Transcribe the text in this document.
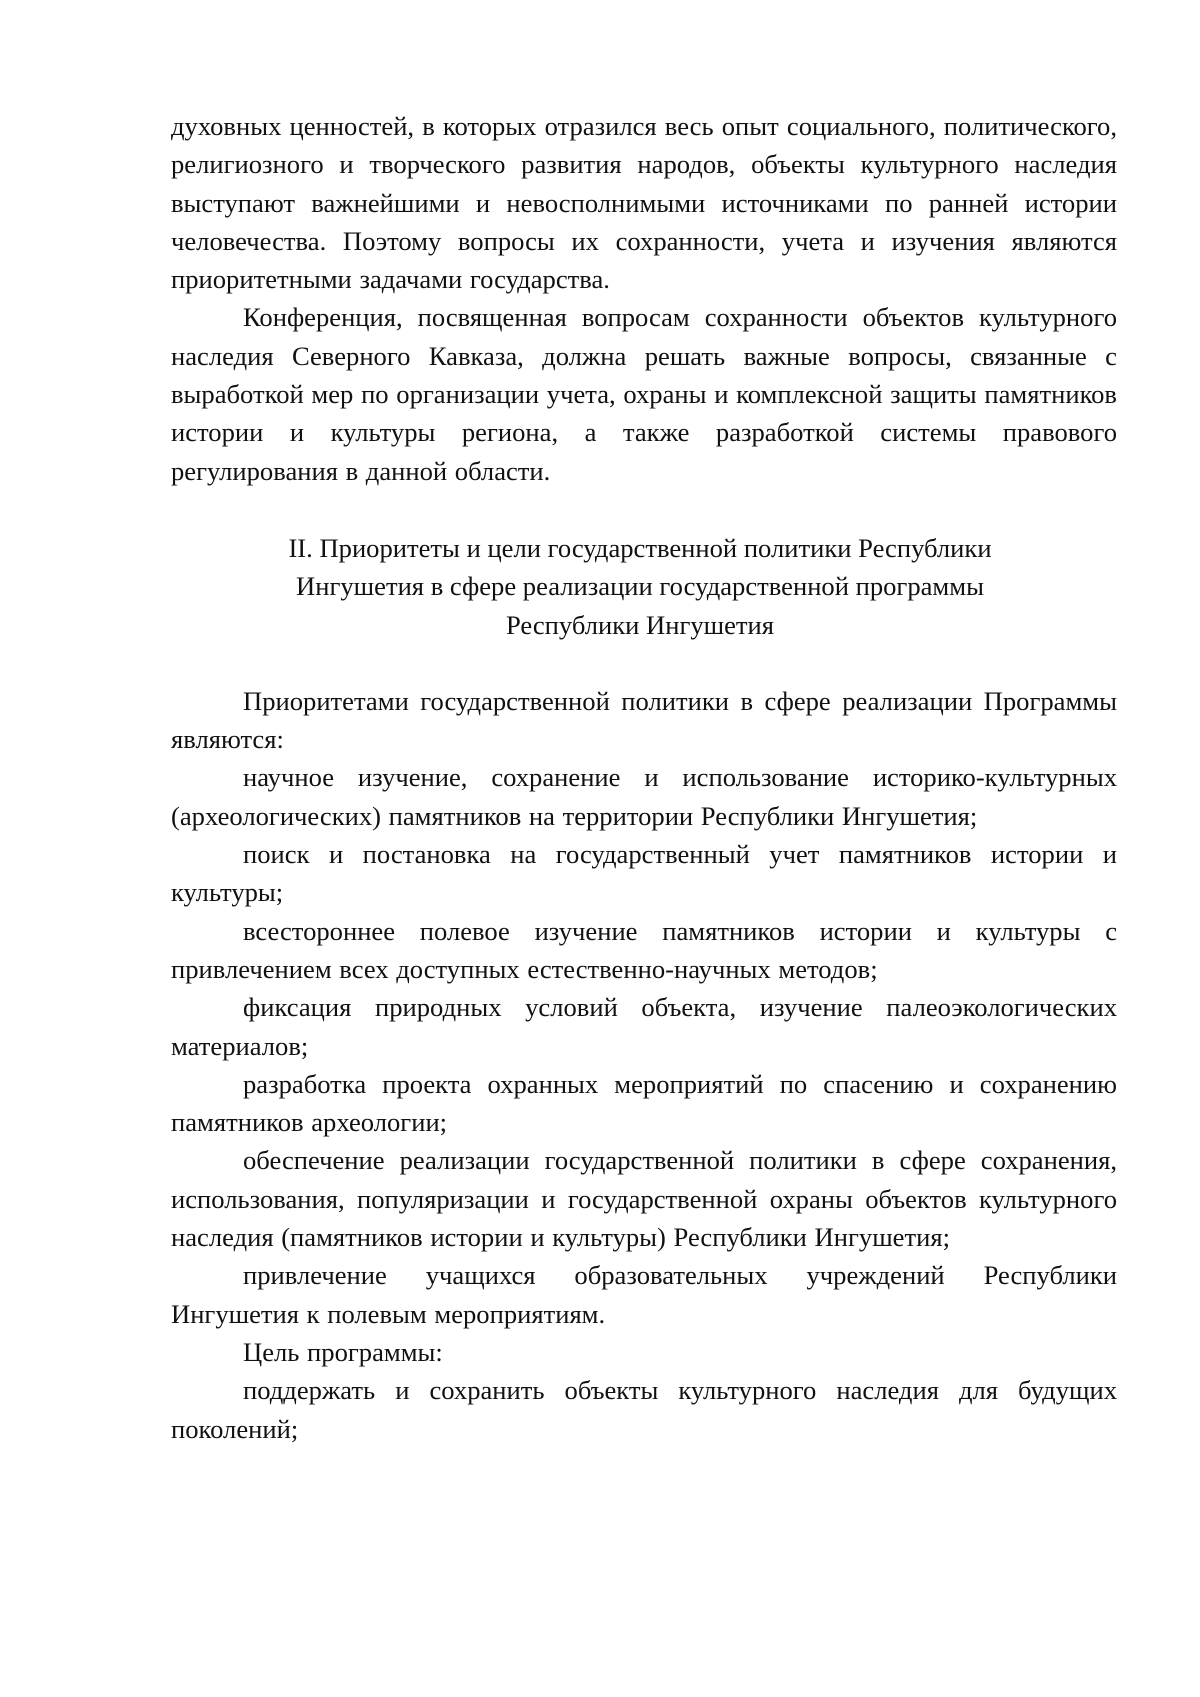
духовных ценностей, в которых отразился весь опыт социального, политического, религиозного и творческого развития народов, объекты культурного наследия выступают важнейшими и невосполнимыми источниками по ранней истории человечества. Поэтому вопросы их сохранности, учета и изучения являются приоритетными задачами государства.

Конференция, посвященная вопросам сохранности объектов культурного наследия Северного Кавказа, должна решать важные вопросы, связанные с выработкой мер по организации учета, охраны и комплексной защиты памятников истории и культуры региона, а также разработкой системы правового регулирования в данной области.

II. Приоритеты и цели государственной политики Республики

Ингушетия в сфере реализации государственной программы

Республики Ингушетия

Приоритетами государственной политики в сфере реализации Программы являются:

научное изучение, сохранение и использование историко-культурных (археологических) памятников на территории Республики Ингушетия;

поиск и постановка на государственный учет памятников истории и культуры;

всестороннее полевое изучение памятников истории и культуры с привлечением всех доступных естественно-научных методов;

фиксация природных условий объекта, изучение палеоэкологических материалов;

разработка проекта охранных мероприятий по спасению и сохранению памятников археологии;

обеспечение реализации государственной политики в сфере сохранения, использования, популяризации и государственной охраны объектов культурного наследия (памятников истории и культуры) Республики Ингушетия;

привлечение учащихся образовательных учреждений Республики Ингушетия к полевым мероприятиям.

Цель программы:

поддержать и сохранить объекты культурного наследия для будущих поколений;
